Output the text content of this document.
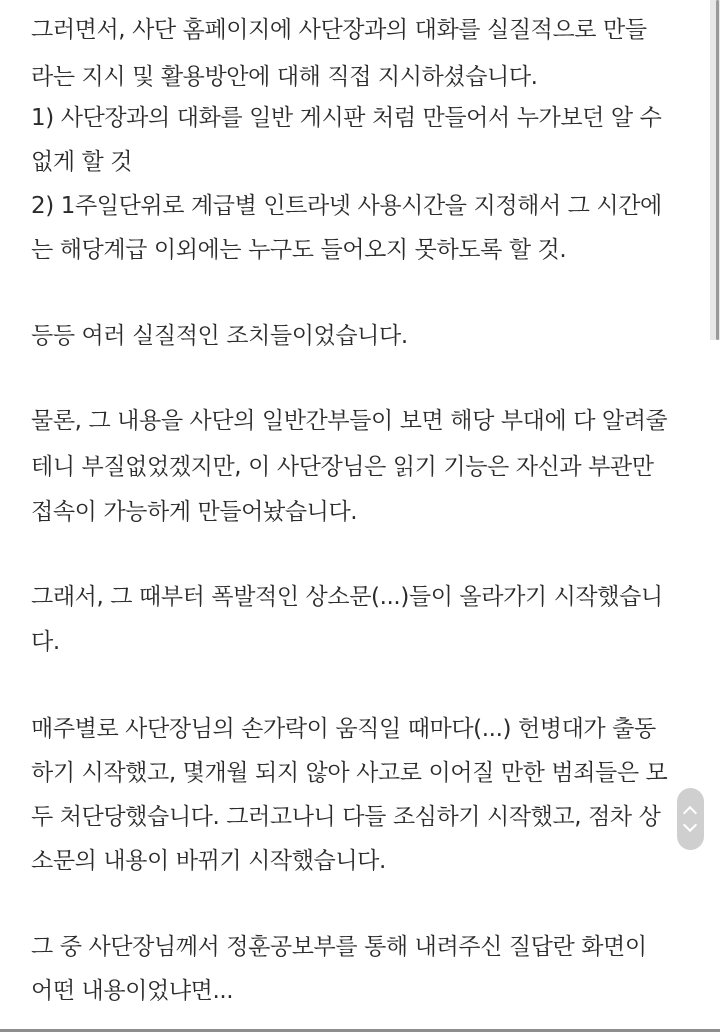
그러면서, 사단 홈페이지에 사단장과의 대화를 실질적으로 만들
라는 지시 및 활용방안에 대해 직접 지시하셨습니다.
1) 사단장과의 대화를 일반 게시판 처럼 만들어서 누가보던 알 수
없게 할 것
2) 1주일단위로 계급별 인트라넷 사용시간을 지정해서 그 시간에
는 해당계급 이외에는 누구도 들어오지 못하도록 할 것.
등등 여러 실질적인 조치들이었습니다.
물론, 그 내용을 사단의 일반간부들이 보면 해당 부대에 다 알려줄
테니 부질없었겠지만, 이 사단장님은 읽기 기능은 자신과 부관만
접속이 가능하게 만들어놨습니다.
그래서, 그 때부터 폭발적인 상소문(...)들이 올라가기 시작했습니
다.
매주별로 사단장님의 손가락이 움직일 때마다(...) 헌병대가 출동
하기 시작했고, 몇개월 되지 않아 사고로 이어질 만한 범죄들은 모
두 처단당했습니다. 그러고나니 다들 조심하기 시작했고, 점차 상
소문의 내용이 바뀌기 시작했습니다.
그 중 사단장님께서 정훈공보부를 통해 내려주신 질답란 화면이
어떤 내용이었냐면...
